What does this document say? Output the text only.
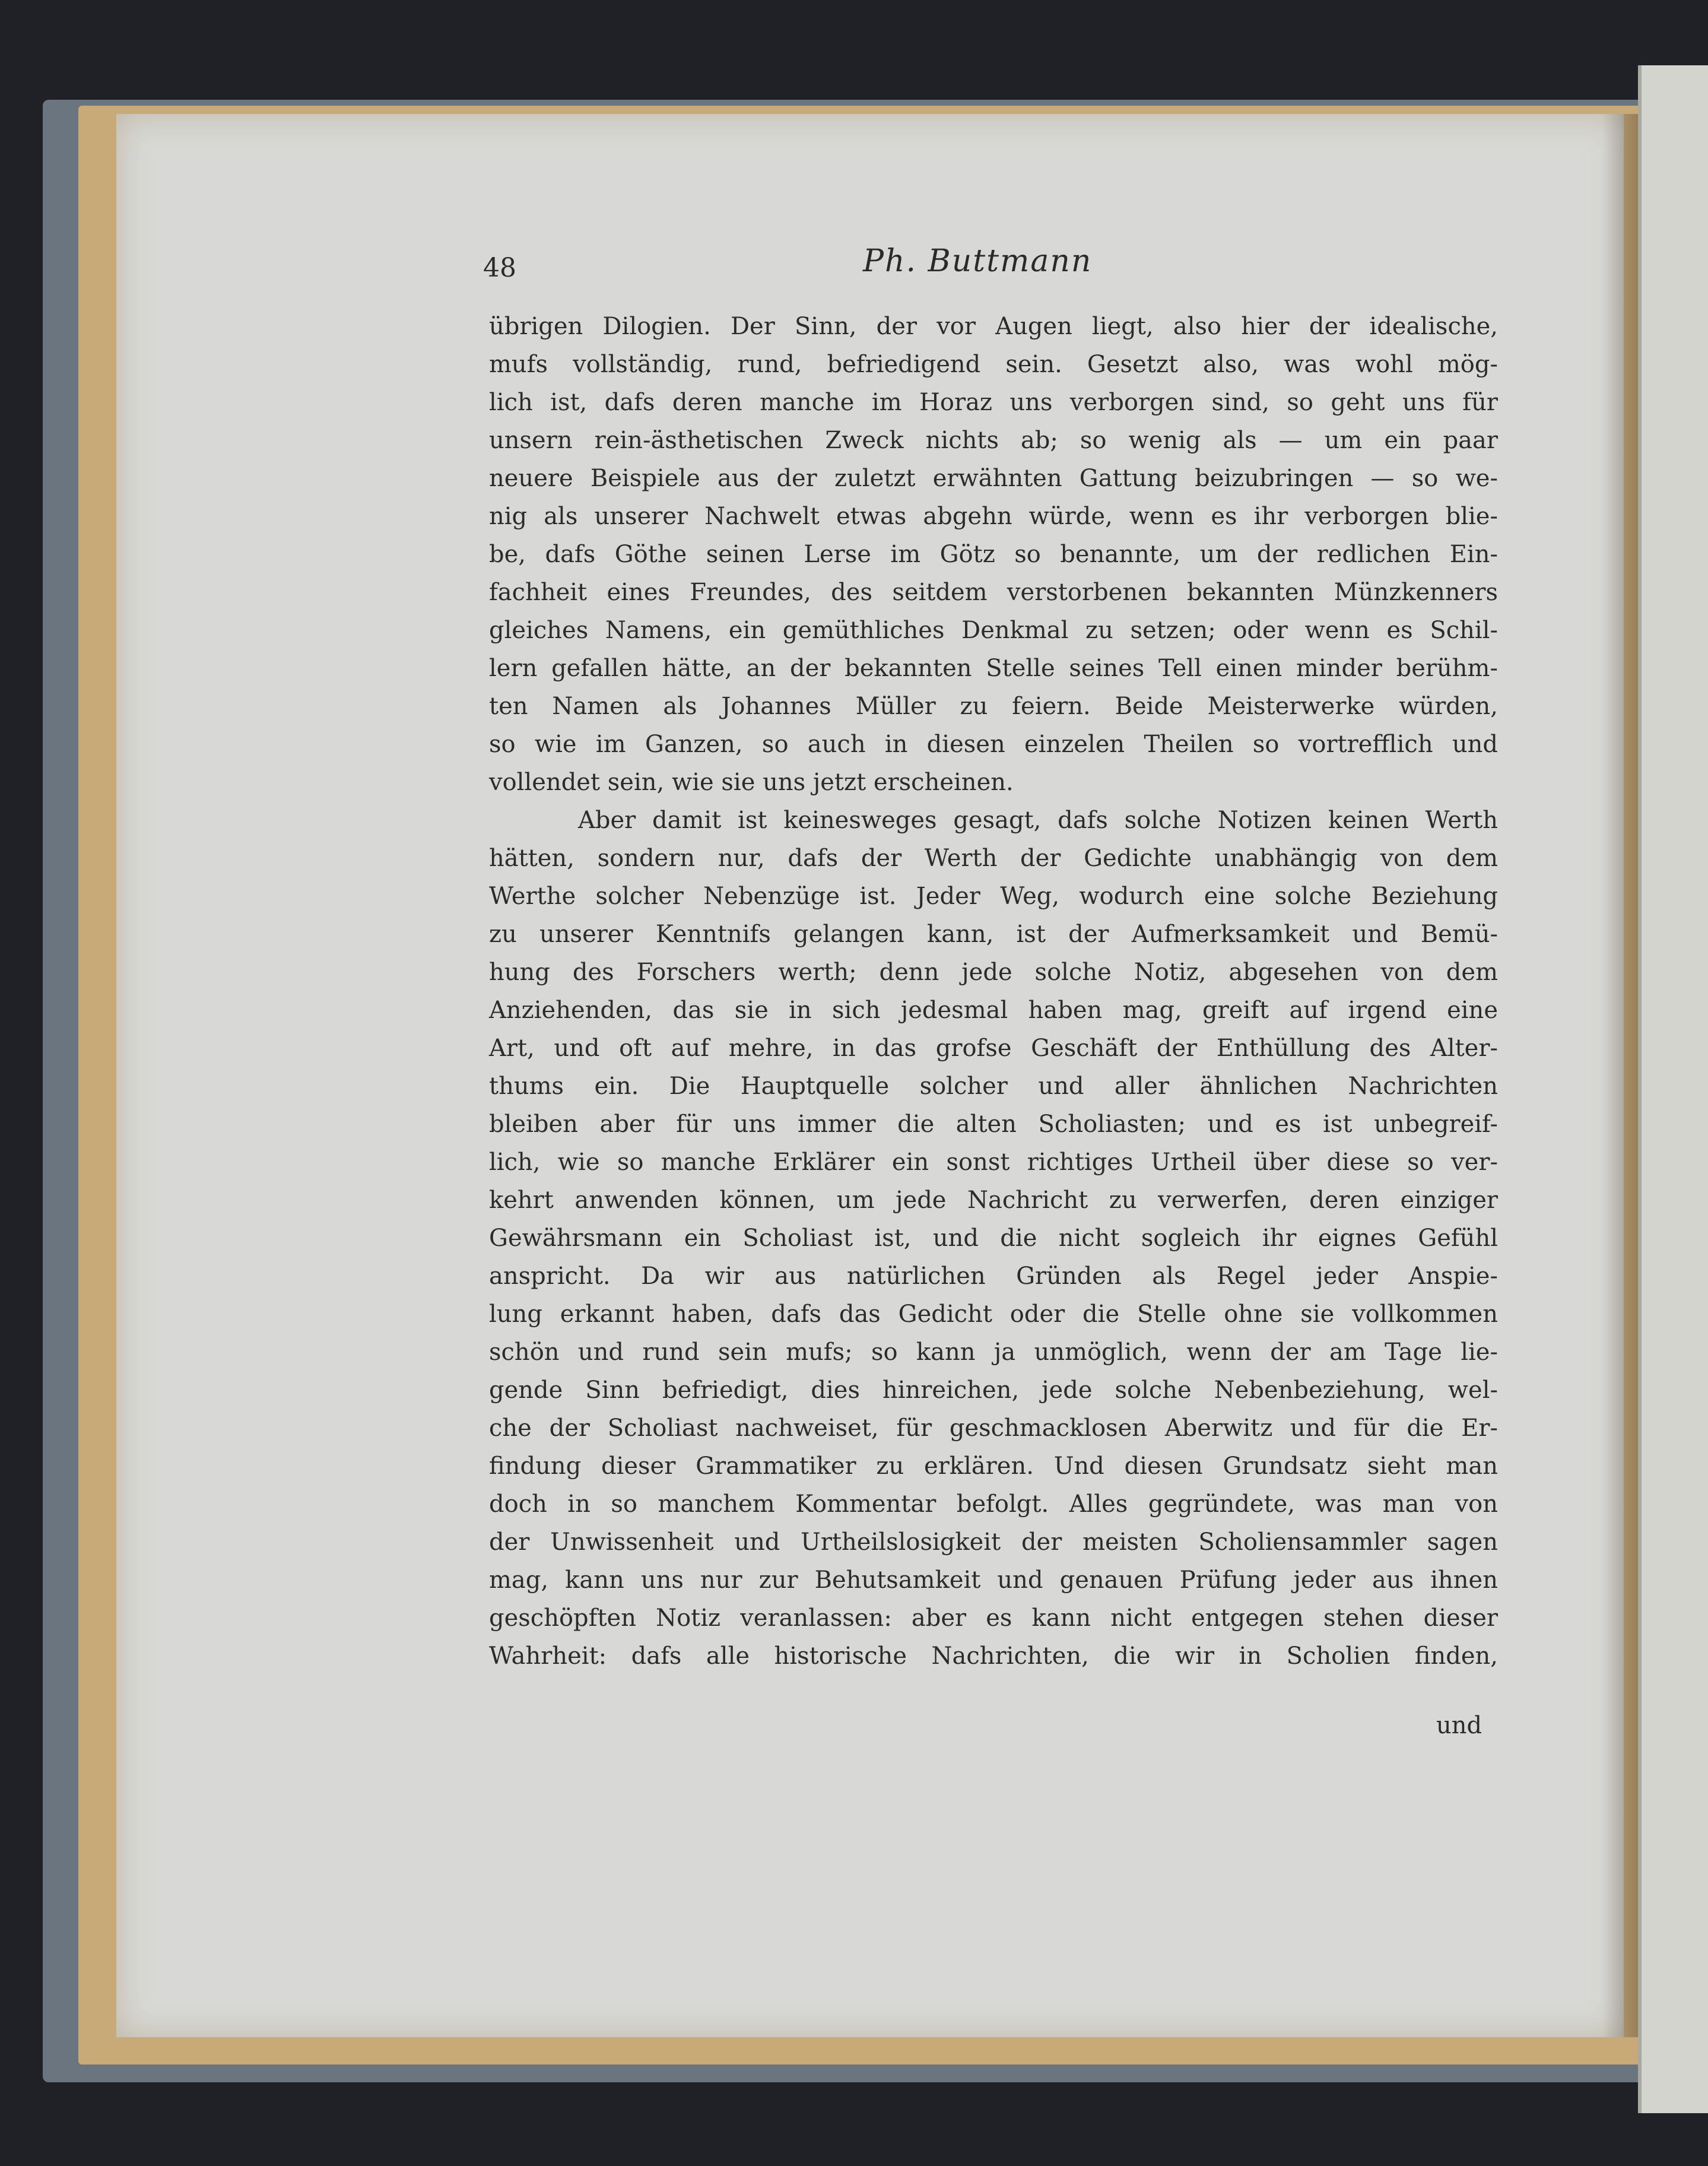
48	Ph. Buttmann
übrigen Dilogien. Der Sinn, der vor Augen liegt, also hier der idealische,
mufs vollständig, rund, befriedigend sein. Gesetzt also, was wohl mög-
lich ist, dafs deren manche im Horaz uns verborgen sind, so geht uns für
unsern rein-ästhetischen Zweck nichts ab; so wenig als — um ein paar
neuere Beispiele aus der zuletzt erwähnten Gattung beizubringen — so we-
nig als unserer Nachwelt etwas abgehn würde, wenn es ihr verborgen blie-
be, dafs Göthe seinen Lerse im Götz so benannte, um der redlichen Ein-
fachheit eines Freundes, des seitdem verstorbenen bekannten Münzkenners
gleiches Namens, ein gemüthliches Denkmal zu setzen; oder wenn es Schil-
lern gefallen hätte, an der bekannten Stelle seines Tell einen minder berühm-
ten Namen als Johannes Müller zu feiern. Beide Meisterwerke würden,
so wie im Ganzen, so auch in diesen einzelen Theilen so vortrefflich und
vollendet sein, wie sie uns jetzt erscheinen.
Aber damit ist keinesweges gesagt, dafs solche Notizen keinen Werth
hätten, sondern nur, dafs der Werth der Gedichte unabhängig von dem
Werthe solcher Nebenzüge ist. Jeder Weg, wodurch eine solche Beziehung
zu unserer Kenntnifs gelangen kann, ist der Aufmerksamkeit und Bemü-
hung des Forschers werth; denn jede solche Notiz, abgesehen von dem
Anziehenden, das sie in sich jedesmal haben mag, greift auf irgend eine
Art, und oft auf mehre, in das grofse Geschäft der Enthüllung des Alter-
thums ein. Die Hauptquelle solcher und aller ähnlichen Nachrichten
bleiben aber für uns immer die alten Scholiasten; und es ist unbegreif-
lich, wie so manche Erklärer ein sonst richtiges Urtheil über diese so ver-
kehrt anwenden können, um jede Nachricht zu verwerfen, deren einziger
Gewährsmann ein Scholiast ist, und die nicht sogleich ihr eignes Gefühl
anspricht. Da wir aus natürlichen Gründen als Regel jeder Anspie-
lung erkannt haben, dafs das Gedicht oder die Stelle ohne sie vollkommen
schön und rund sein mufs; so kann ja unmöglich, wenn der am Tage lie-
gende Sinn befriedigt, dies hinreichen, jede solche Nebenbeziehung, wel-
che der Scholiast nachweiset, für geschmacklosen Aberwitz und für die Er-
findung dieser Grammatiker zu erklären. Und diesen Grundsatz sieht man
doch in so manchem Kommentar befolgt. Alles gegründete, was man von
der Unwissenheit und Urtheilslosigkeit der meisten Scholiensammler sagen
mag, kann uns nur zur Behutsamkeit und genauen Prüfung jeder aus ihnen
geschöpften Notiz veranlassen: aber es kann nicht entgegen stehen dieser
Wahrheit: dafs alle historische Nachrichten, die wir in Scholien finden,
und
